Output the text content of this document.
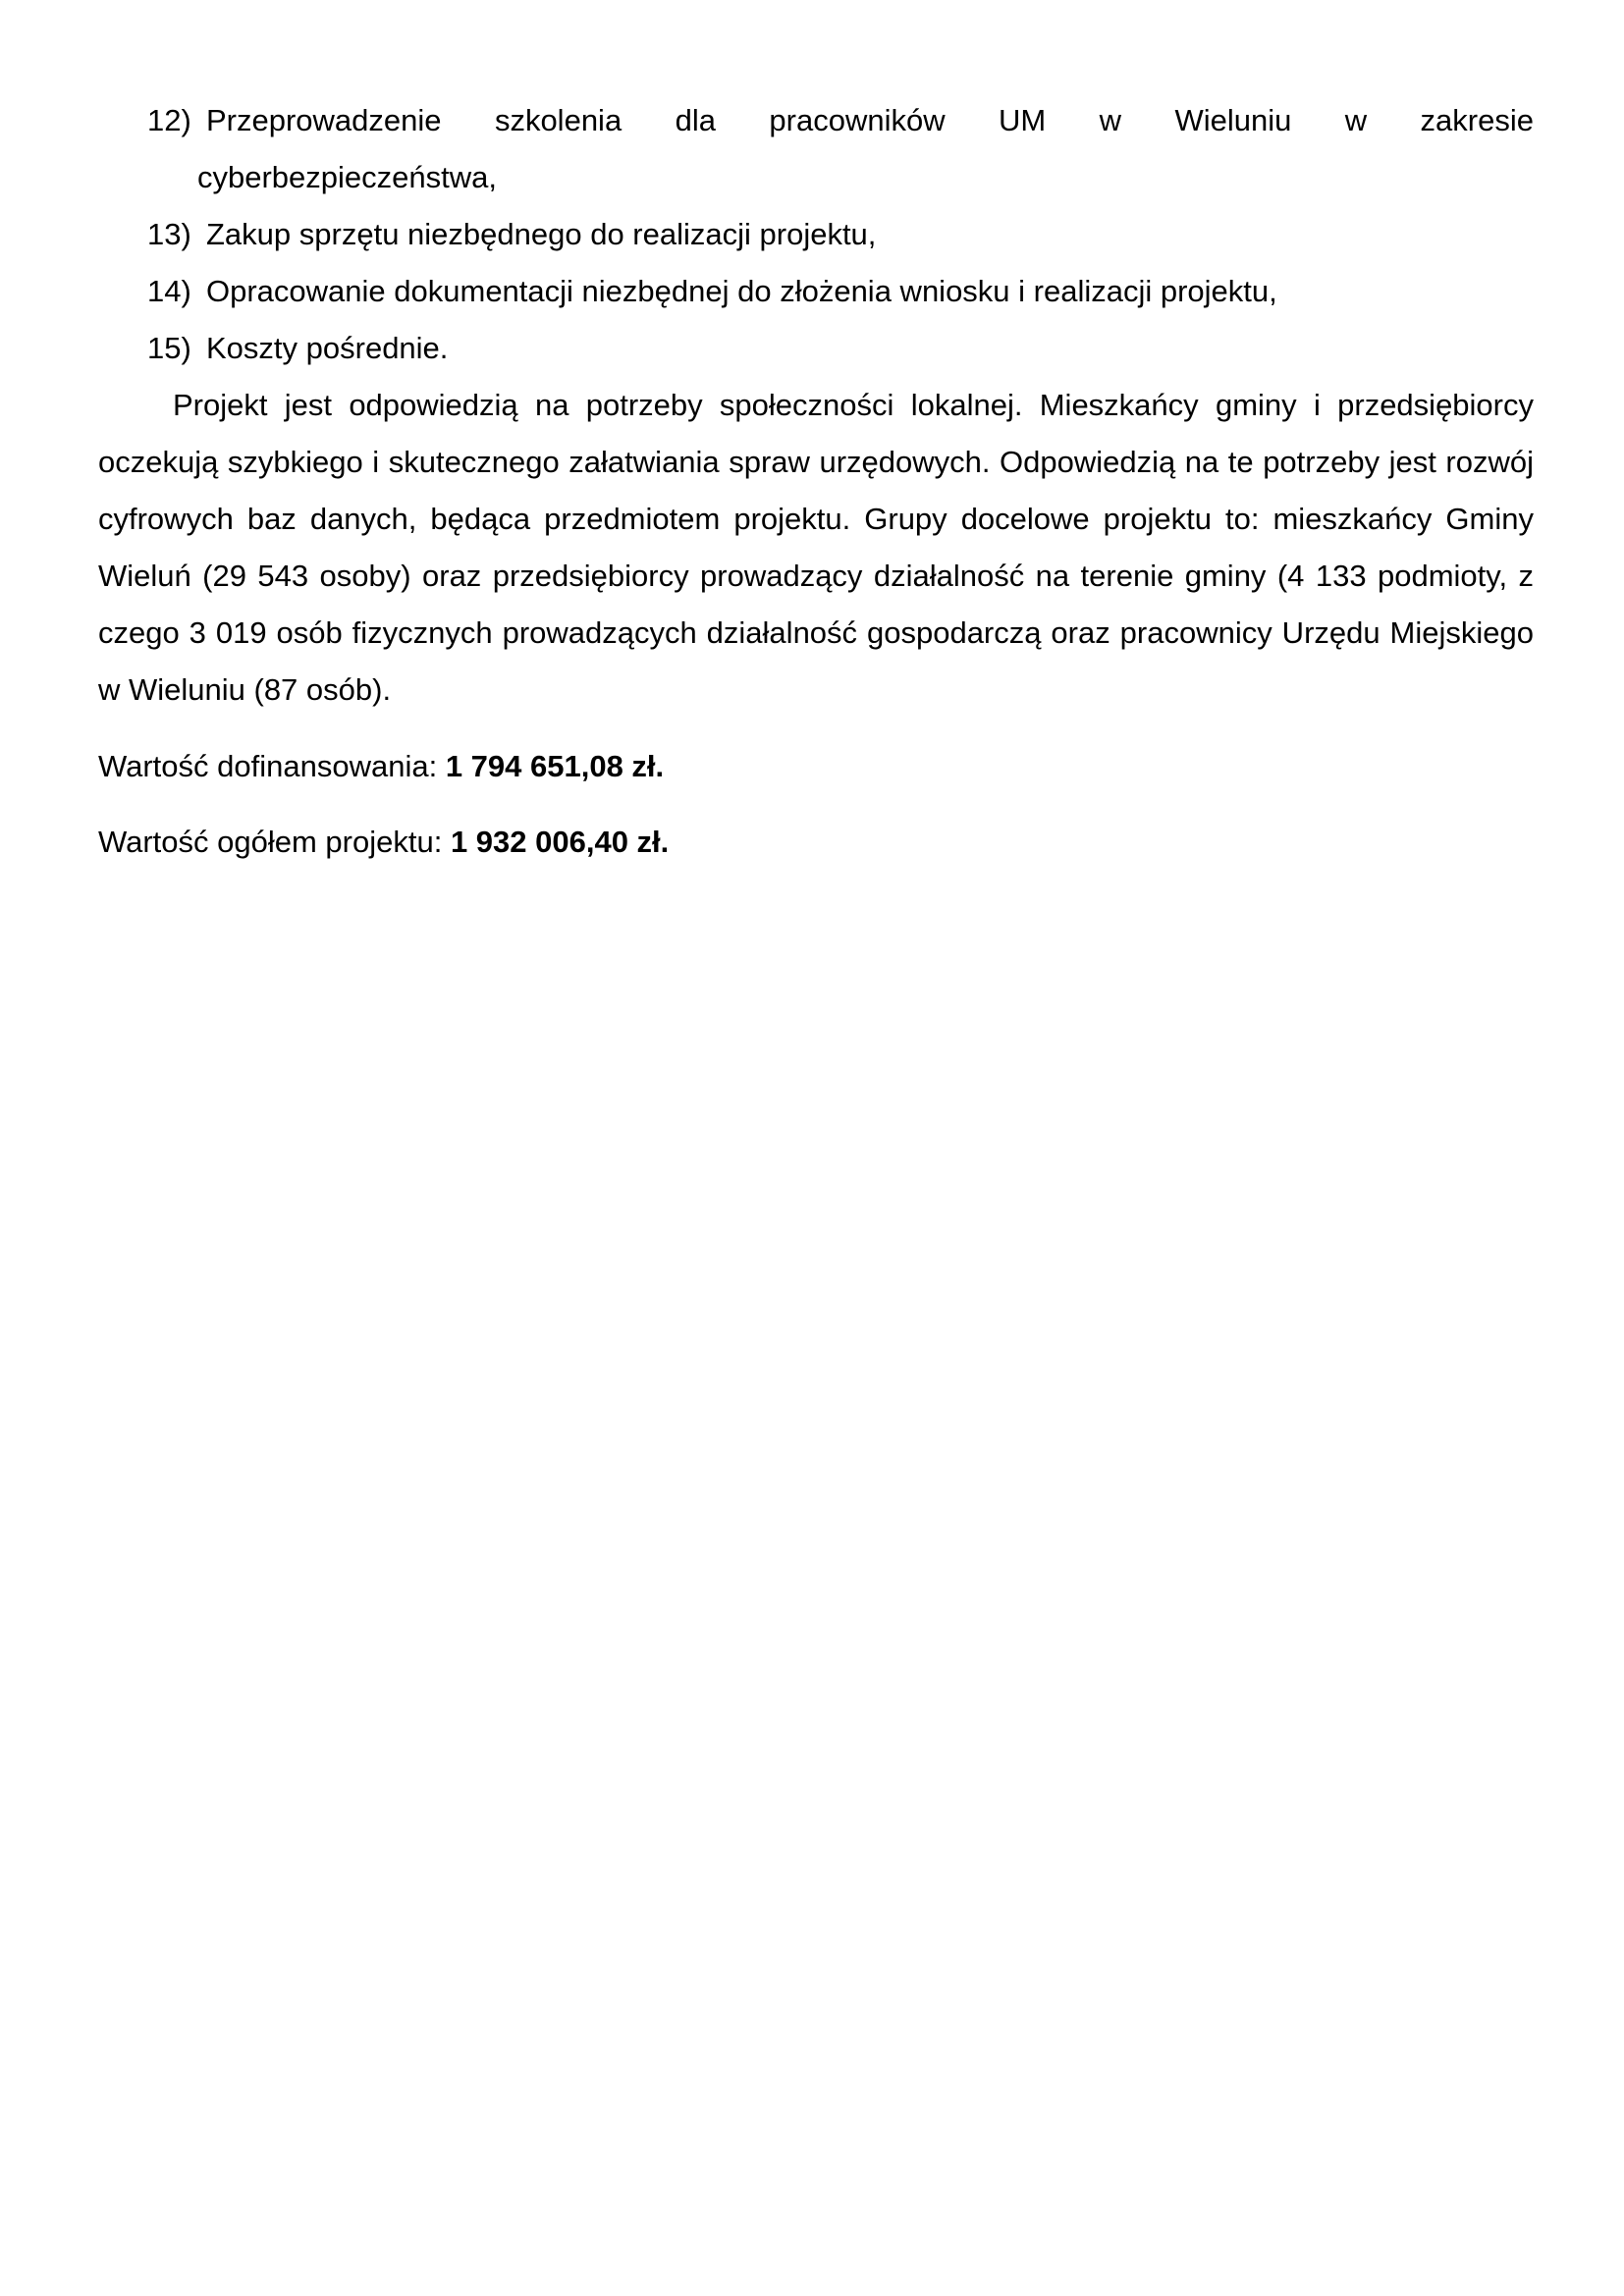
12) Przeprowadzenie szkolenia dla pracowników UM w Wieluniu w zakresie
cyberbezpieczeństwa,
13) Zakup sprzętu niezbędnego do realizacji projektu,
14) Opracowanie dokumentacji niezbędnej do złożenia wniosku i realizacji projektu,
15) Koszty pośrednie.

Projekt jest odpowiedzią na potrzeby społeczności lokalnej. Mieszkańcy gminy i przedsiębiorcy oczekują szybkiego i skutecznego załatwiania spraw urzędowych. Odpowiedzią na te potrzeby jest rozwój cyfrowych baz danych, będąca przedmiotem projektu. Grupy docelowe projektu to: mieszkańcy Gminy Wieluń (29 543 osoby) oraz przedsiębiorcy prowadzący działalność na terenie gminy (4 133 podmioty, z czego 3 019 osób fizycznych prowadzących działalność gospodarczą oraz pracownicy Urzędu Miejskiego w Wieluniu (87 osób).

Wartość dofinansowania: 1 794 651,08 zł.

Wartość ogółem projektu: 1 932 006,40 zł.
